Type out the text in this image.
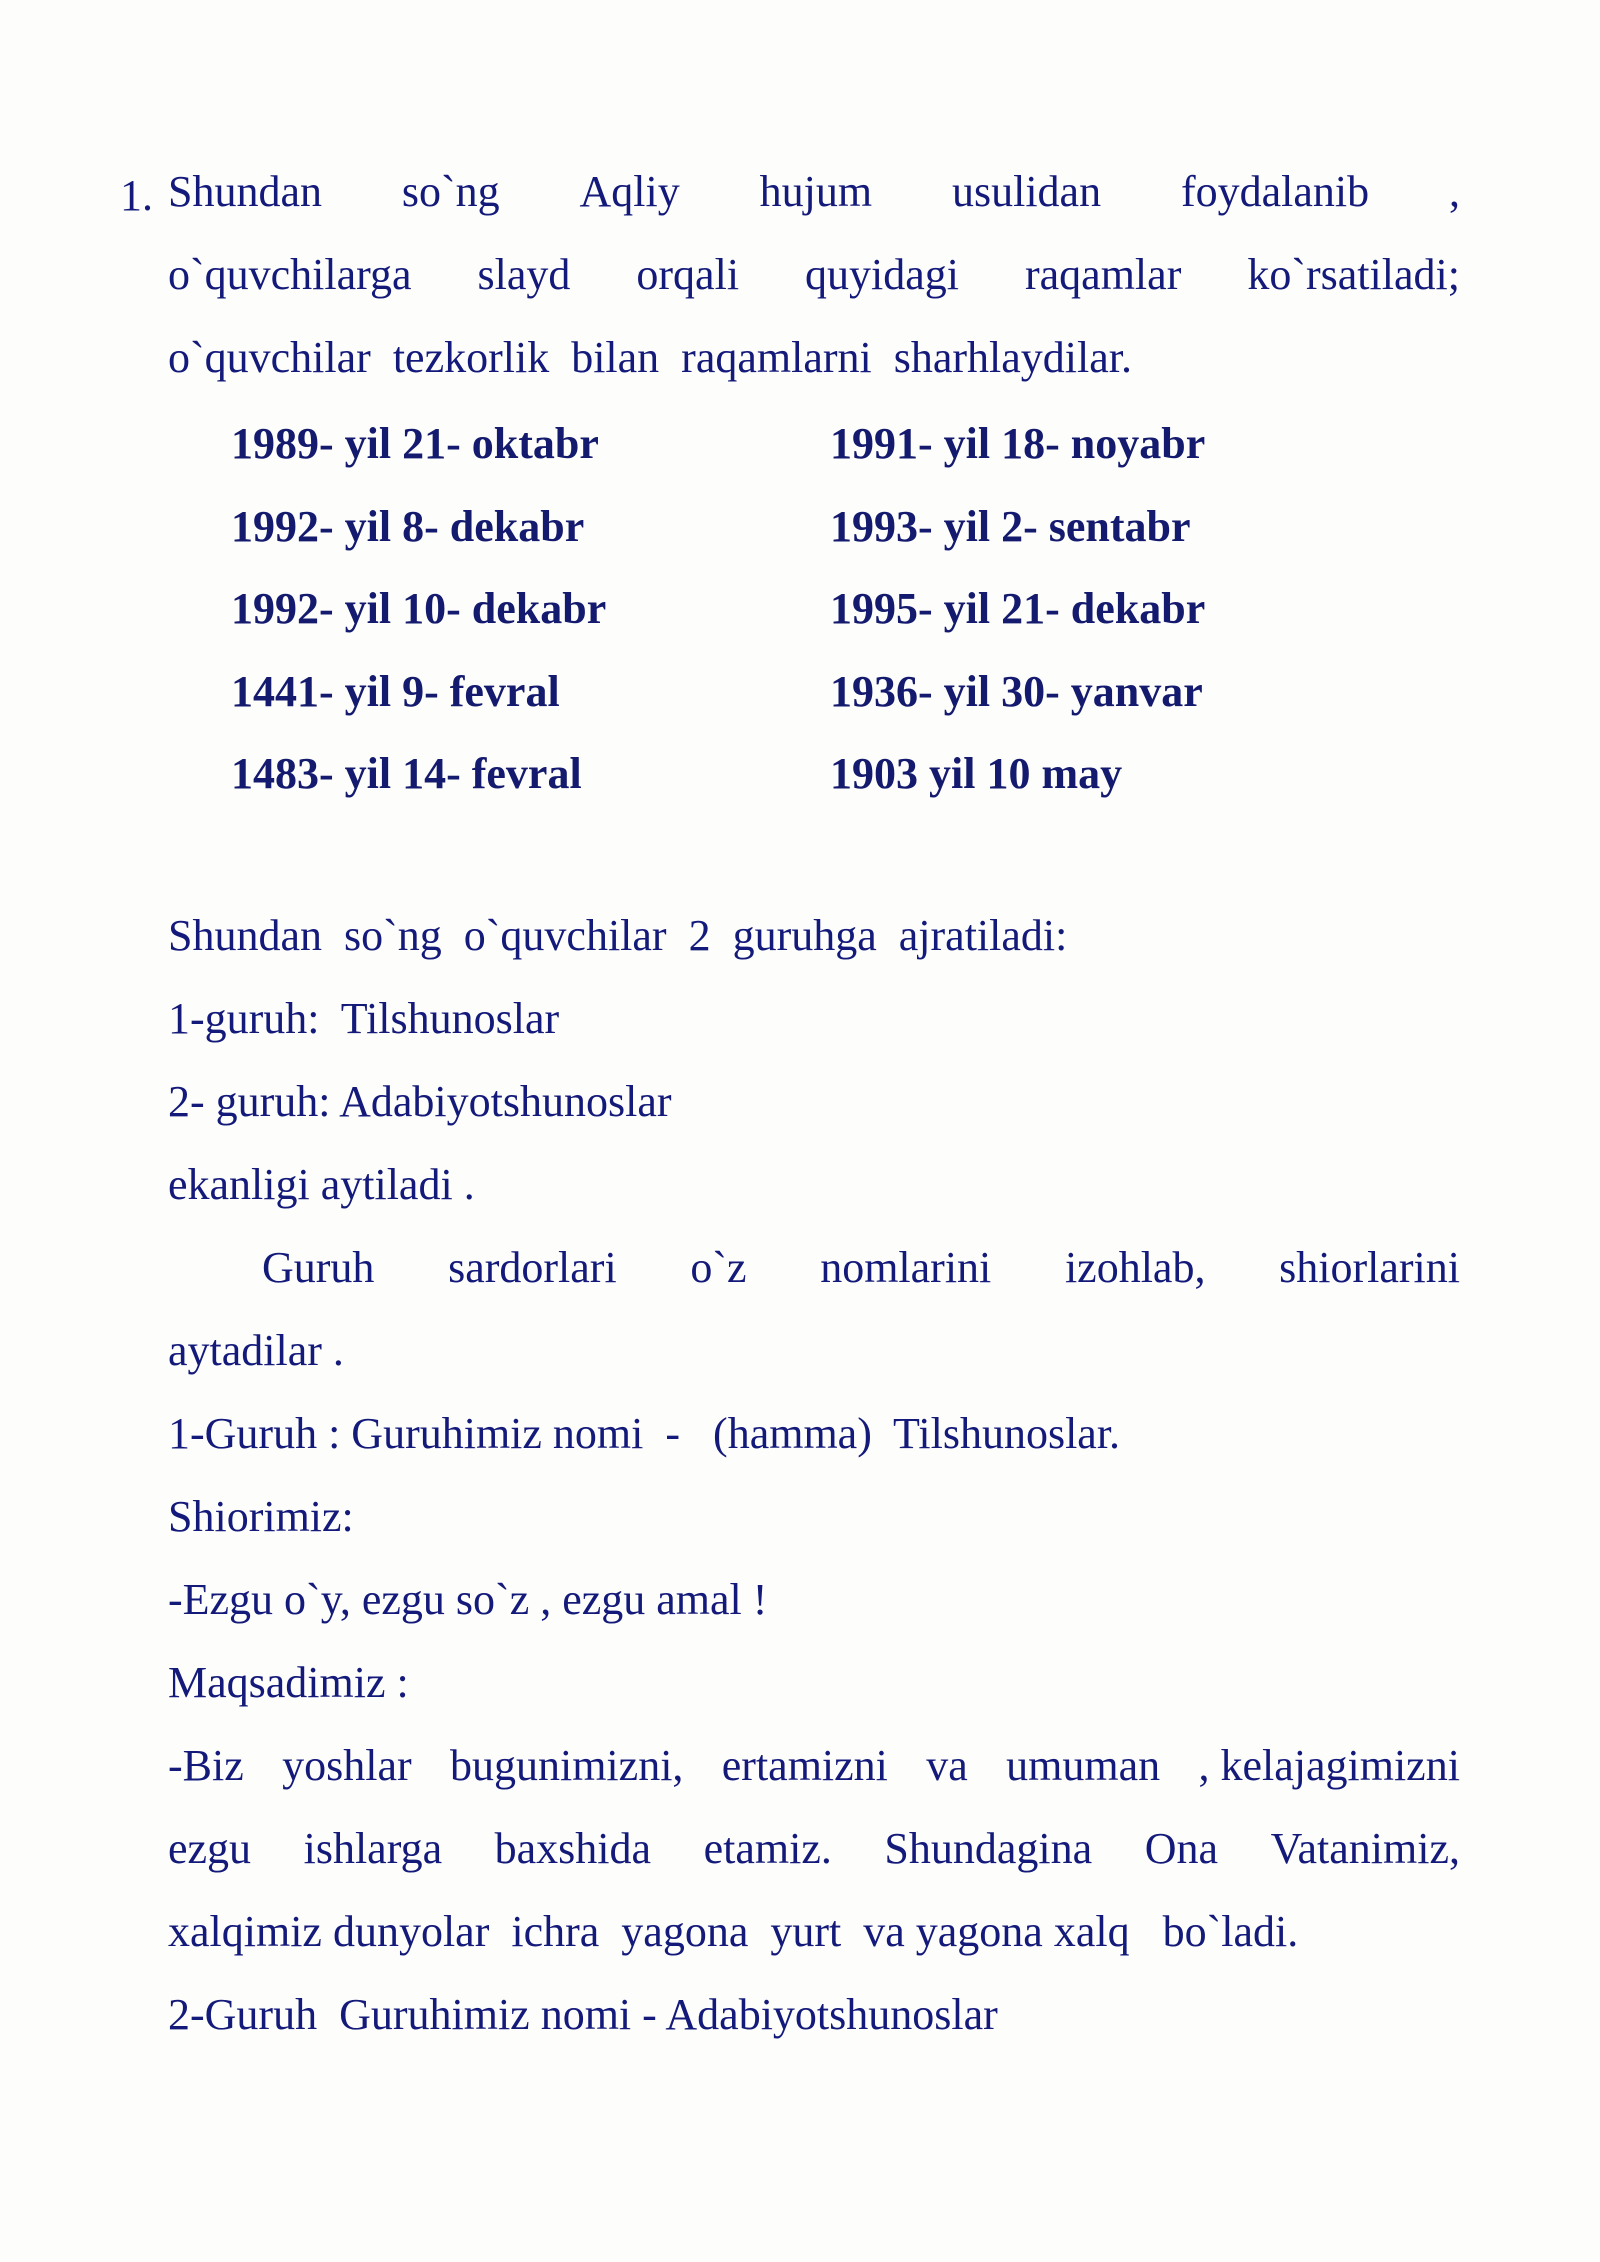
1. Shundan so`ng Aqliy hujum usulidan foydalanib ,
o`quvchilarga slayd orqali quyidagi raqamlar ko`rsatiladi;
o`quvchilar  tezkorlik  bilan  raqamlarni  sharhlaydilar.
1989- yil 21- oktabr	1991- yil 18- noyabr
1992- yil 8- dekabr	1993- yil 2- sentabr
1992- yil 10- dekabr	1995- yil 21- dekabr
1441- yil 9- fevral	1936- yil 30- yanvar
1483- yil 14- fevral	1903 yil 10 may
Shundan  so`ng  o`quvchilar  2  guruhga  ajratiladi:
1-guruh:  Tilshunoslar
2- guruh: Adabiyotshunoslar
ekanligi aytiladi .
Guruh sardorlari o`z nomlarini izohlab, shiorlarini
aytadilar .
1-Guruh : Guruhimiz nomi  -   (hamma)  Tilshunoslar.
Shiorimiz:
-Ezgu o`y, ezgu so`z , ezgu amal !
Maqsadimiz :
-Biz yoshlar bugunimizni, ertamizni va umuman , kelajagimizni
ezgu ishlarga baxshida etamiz. Shundagina Ona Vatanimiz,
xalqimiz dunyolar  ichra  yagona  yurt  va yagona xalq   bo`ladi.
2-Guruh  Guruhimiz nomi - Adabiyotshunoslar
